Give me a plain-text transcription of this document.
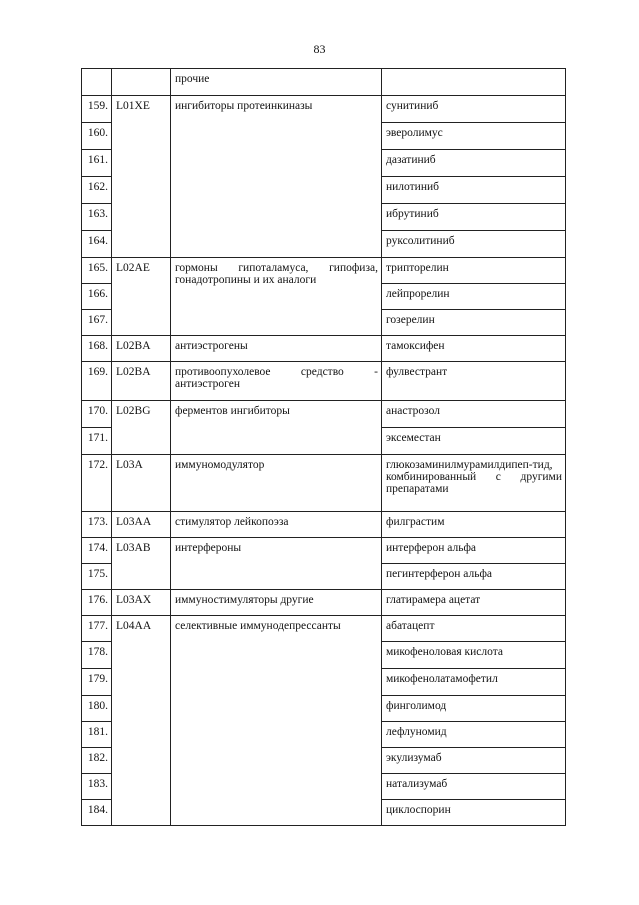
83
		прочие	
159.	L01XE	ингибиторы протеинкиназы	сунитиниб
160.			эверолимус
161.			дазатиниб
162.			нилотиниб
163.			ибрутиниб
164.			руксолитиниб
165.	L02AE	гормоны гипоталамуса, гипофиза, гонадотропины и их аналоги	трипторелин
166.			лейпрорелин
167.			гозерелин
168.	L02BA	антиэстрогены	тамоксифен
169.	L02BA	противоопухолевое средство - антиэстроген	фулвестрант
170.	L02BG	ферментов ингибиторы	анастрозол
171.			эксеместан
172.	L03A	иммуномодулятор	глюкозаминилмурамилдипеп-тид, комбинированный с другими препаратами
173.	L03AA	стимулятор лейкопоэза	филграстим
174.	L03AB	интерфероны	интерферон альфа
175.			пегинтерферон альфа
176.	L03AX	иммуностимуляторы другие	глатирамера ацетат
177.	L04AA	селективные иммунодепрессанты	абатацепт
178.			микофеноловая кислота
179.			микофенолатамофетил
180.			финголимод
181.			лефлуномид
182.			экулизумаб
183.			натализумаб
184.			циклоспорин
